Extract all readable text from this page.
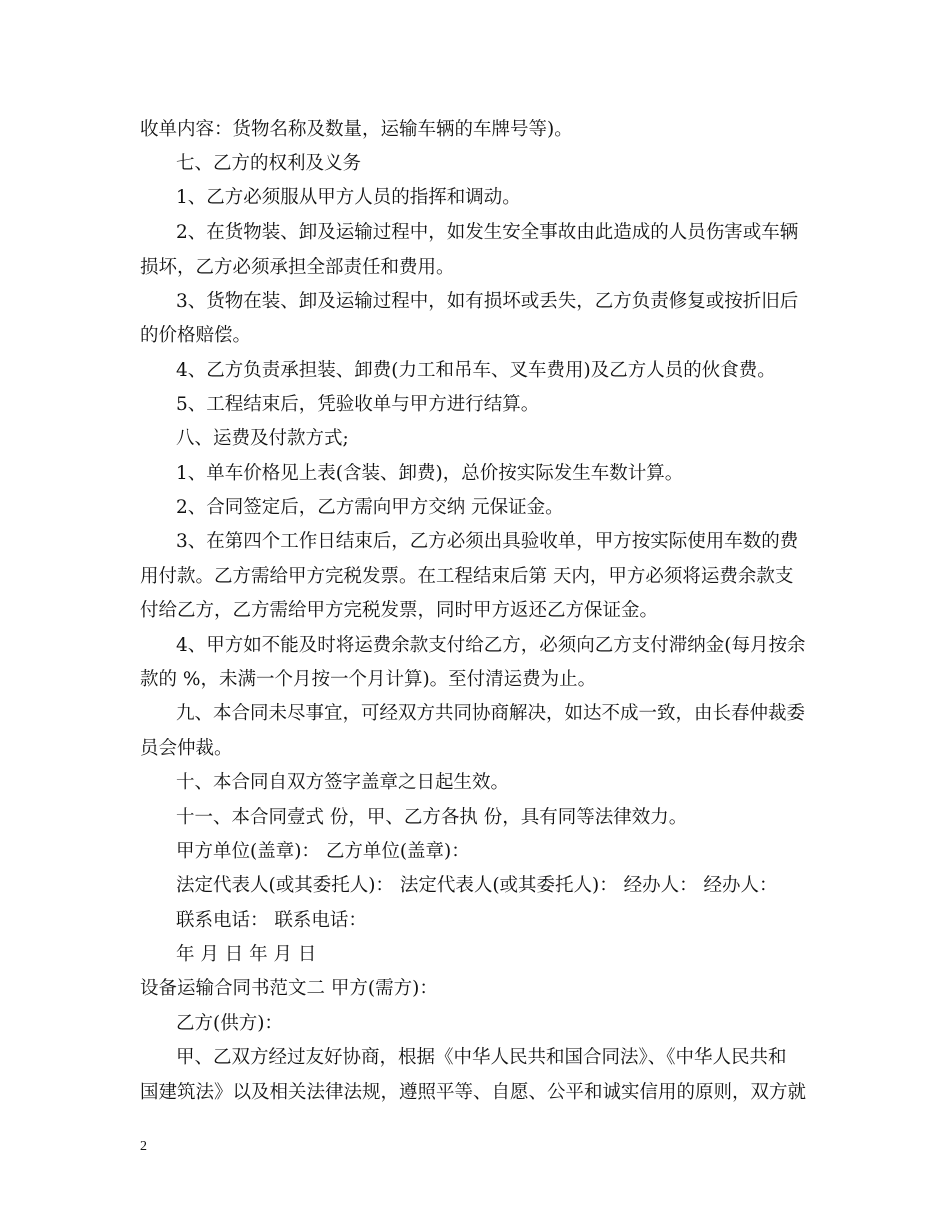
收单内容：货物名称及数量，运输车辆的车牌号等)。
七、乙方的权利及义务
1、乙方必须服从甲方人员的指挥和调动。
2、在货物装、卸及运输过程中，如发生安全事故由此造成的人员伤害或车辆
损坏，乙方必须承担全部责任和费用。
3、货物在装、卸及运输过程中，如有损坏或丢失，乙方负责修复或按折旧后
的价格赔偿。
4、乙方负责承担装、卸费(力工和吊车、叉车费用)及乙方人员的伙食费。
5、工程结束后，凭验收单与甲方进行结算。
八、运费及付款方式;
1、单车价格见上表(含装、卸费)，总价按实际发生车数计算。
2、合同签定后，乙方需向甲方交纳 元保证金。
3、在第四个工作日结束后，乙方必须出具验收单，甲方按实际使用车数的费
用付款。乙方需给甲方完税发票。在工程结束后第 天内，甲方必须将运费余款支
付给乙方，乙方需给甲方完税发票，同时甲方返还乙方保证金。
4、甲方如不能及时将运费余款支付给乙方，必须向乙方支付滞纳金(每月按余
款的 %，未满一个月按一个月计算)。至付清运费为止。
九、本合同未尽事宜，可经双方共同协商解决，如达不成一致，由长春仲裁委
员会仲裁。
十、本合同自双方签字盖章之日起生效。
十一、本合同壹式 份，甲、乙方各执 份，具有同等法律效力。
甲方单位(盖章)： 乙方单位(盖章)：
法定代表人(或其委托人)： 法定代表人(或其委托人)： 经办人： 经办人：
联系电话： 联系电话：
年 月 日 年 月 日
设备运输合同书范文二 甲方(需方)：
乙方(供方)：
甲、乙双方经过友好协商，根据《中华人民共和国合同法》、《中华人民共和
国建筑法》以及相关法律法规，遵照平等、自愿、公平和诚实信用的原则，双方就
2
